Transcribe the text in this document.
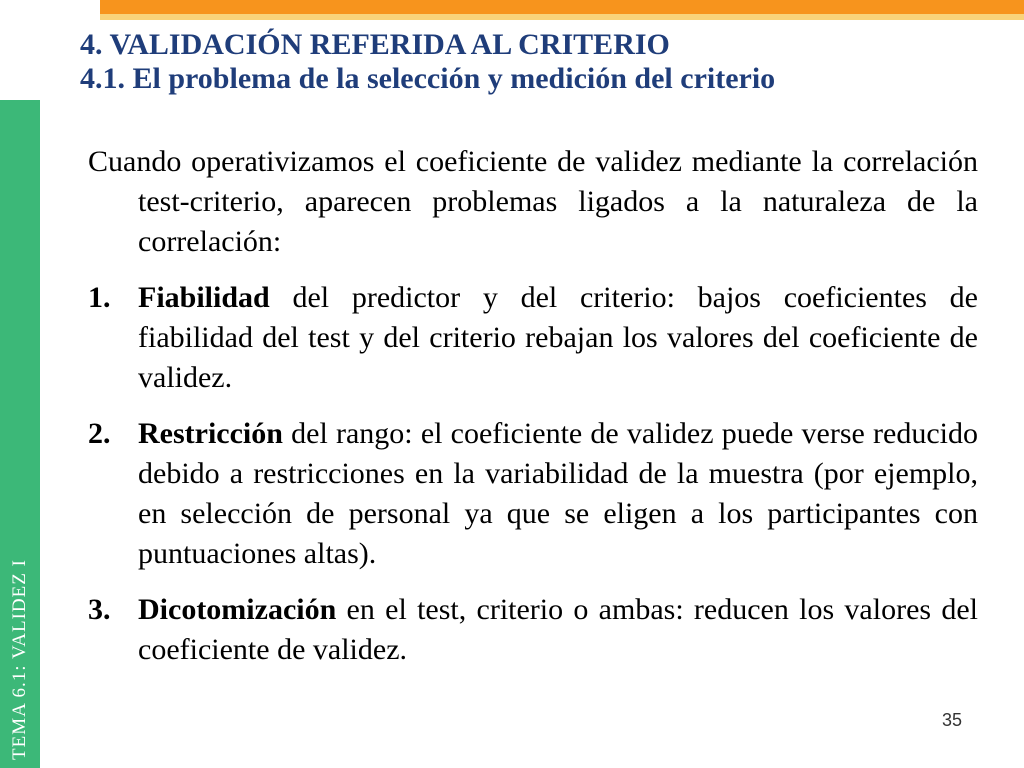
TEMA 6.1: VALIDEZ I
4. VALIDACIÓN REFERIDA AL CRITERIO
4.1. El problema de la selección y medición del criterio

Cuando operativizamos el coeficiente de validez mediante la correlación test-criterio, aparecen problemas ligados a la naturaleza de la correlación:

1. Fiabilidad del predictor y del criterio: bajos coeficientes de fiabilidad del test y del criterio rebajan los valores del coeficiente de validez.
2. Restricción del rango: el coeficiente de validez puede verse reducido debido a restricciones en la variabilidad de la muestra (por ejemplo, en selección de personal ya que se eligen a los participantes con puntuaciones altas).
3. Dicotomización en el test, criterio o ambas: reducen los valores del coeficiente de validez.
35
